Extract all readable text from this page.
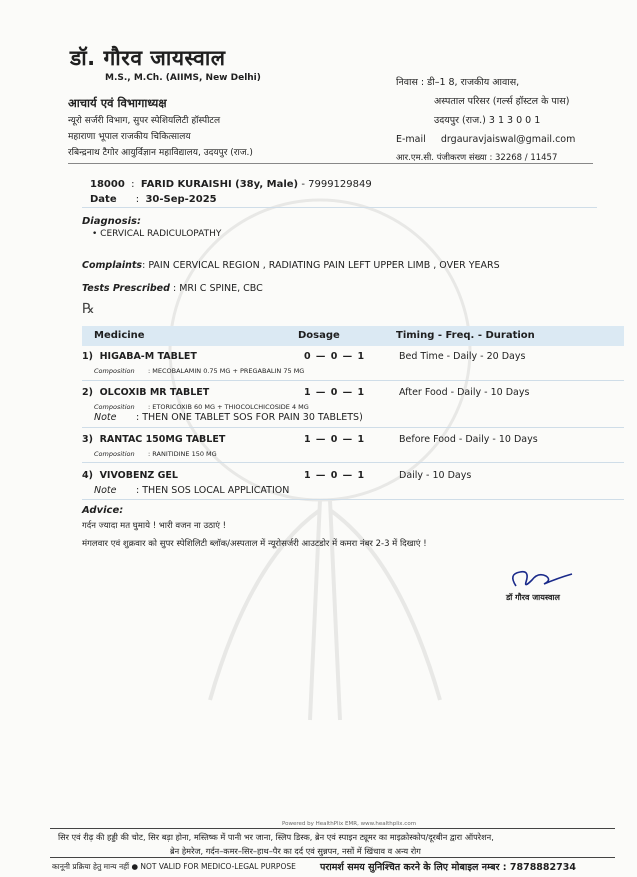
डॉ. गौरव जायस्वाल
M.S., M.Ch. (AIIMS, New Delhi)
आचार्य एवं विभागाध्यक्ष
न्यूरो सर्जरी विभाग, सुपर स्पेशियलिटी हॉस्पीटल
महाराणा भूपाल राजकीय चिकित्सालय
रबिन्द्रनाथ टैगोर आयुर्विज्ञान महाविद्यालय, उदयपुर (राज.)
निवास : डी–1 8, राजकीय आवास,
अस्पताल परिसर (गर्ल्स हॉस्टल के पास)
उदयपुर (राज.) 3 1 3 0 0 1
E-mail drgauravjaiswal@gmail.com
आर.एम.सी. पंजीकरण संख्या : 32268 / 11457
18000  :  FARID KURAISHI (38y, Male) - 7999129849
Date      :  30-Sep-2025
Diagnosis:
• CERVICAL RADICULOPATHY
Complaints: PAIN CERVICAL REGION , RADIATING PAIN LEFT UPPER LIMB , OVER YEARS
Tests Prescribed : MRI C SPINE, CBC
℞
Medicine	Dosage	Timing - Freq. - Duration
1) HIGABA-M TABLET	0 — 0 — 1	Bed Time - Daily - 20 Days
Composition : MECOBALAMIN 0.75 MG + PREGABALIN 75 MG
2) OLCOXIB MR TABLET	1 — 0 — 1	After Food - Daily - 10 Days
Composition : ETORICOXIB 60 MG + THIOCOLCHICOSIDE 4 MG
Note : THEN ONE TABLET SOS FOR PAIN 30 TABLETS)
3) RANTAC 150MG TABLET	1 — 0 — 1	Before Food - Daily - 10 Days
Composition : RANITIDINE 150 MG
4) VIVOBENZ GEL	1 — 0 — 1	Daily - 10 Days
Note : THEN SOS LOCAL APPLICATION
Advice:
गर्दन ज्यादा मत घुमाये ! भारी वजन ना उठाएं !
मंगलवार एवं शुक्रवार को सुपर स्पेशिलिटी ब्लॉक/अस्पताल में न्यूरोसर्जरी आउटडोर में कमरा नंबर 2-3 में दिखाएं !
डॉ गौरव जायस्वाल
Powered by HealthPlix EMR, www.healthplix.com
सिर एवं रीढ़ की हड्डी की चोट, सिर बड़ा होना, मस्तिष्क में पानी भर जाना, स्लिप डिस्क, ब्रेन एवं स्पाइन ट्यूमर का माइक्रोस्कोप/दूरबीन द्वारा ऑपरेशन,
ब्रेन हेमरेज, गर्दन–कमर–सिर–हाथ–पैर का दर्द एवं सुन्नपन, नसों में खिंचाव व अन्य रोग
कानूनी प्रक्रिया हेतु मान्य नहीं ● NOT VALID FOR MEDICO-LEGAL PURPOSE	परामर्श समय सुनिश्चित करने के लिए मोबाइल नम्बर : 7878882734
